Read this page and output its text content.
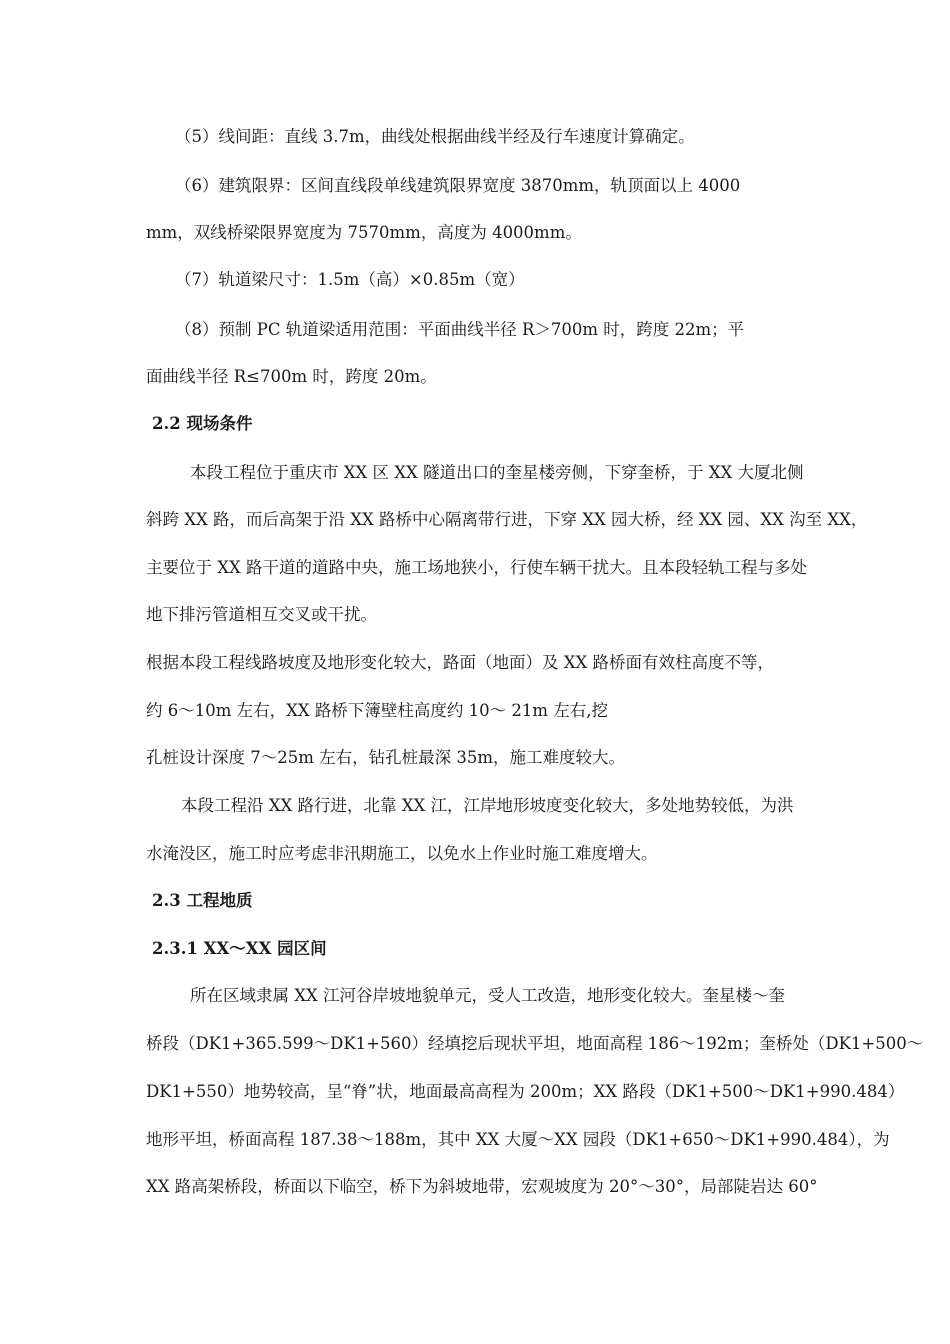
（5）线间距：直线 3.7m，曲线处根据曲线半经及行车速度计算确定。

（6）建筑限界：区间直线段单线建筑限界宽度 3870mm，轨顶面以上 4000

mm，双线桥梁限界宽度为 7570mm，高度为 4000mm。

（7）轨道梁尺寸：1.5m（高）×0.85m（宽）

（8）预制 PC 轨道梁适用范围：平面曲线半径 R＞700m 时，跨度 22m；平

面曲线半径 R≤700m 时，跨度 20m。

2.2 现场条件

本段工程位于重庆市 XX 区 XX 隧道出口的奎星楼旁侧，下穿奎桥，于 XX 大厦北侧

斜跨 XX 路，而后高架于沿 XX 路桥中心隔离带行进，下穿 XX 园大桥，经 XX 园、XX 沟至 XX，

主要位于 XX 路干道的道路中央，施工场地狭小，行使车辆干扰大。且本段轻轨工程与多处

地下排污管道相互交叉或干扰。

根据本段工程线路坡度及地形变化较大，路面（地面）及 XX 路桥面有效柱高度不等，

约 6～10m 左右，XX 路桥下簿壁柱高度约 10～ 21m 左右,挖

孔桩设计深度 7～25m 左右，钻孔桩最深 35m，施工难度较大。

本段工程沿 XX 路行进，北靠 XX 江，江岸地形坡度变化较大，多处地势较低，为洪

水淹没区，施工时应考虑非汛期施工，以免水上作业时施工难度增大。

2.3 工程地质

2.3.1 XX～XX 园区间

所在区域隶属 XX 江河谷岸坡地貌单元，受人工改造，地形变化较大。奎星楼～奎

桥段（DK1+365.599～DK1+560）经填挖后现状平坦，地面高程 186～192m；奎桥处（DK1+500～

DK1+550）地势较高，呈“脊”状，地面最高高程为 200m；XX 路段（DK1+500～DK1+990.484）

地形平坦，桥面高程 187.38～188m，其中 XX 大厦～XX 园段（DK1+650～DK1+990.484），为

XX 路高架桥段，桥面以下临空，桥下为斜坡地带，宏观坡度为 20°～30°，局部陡岩达 60°
